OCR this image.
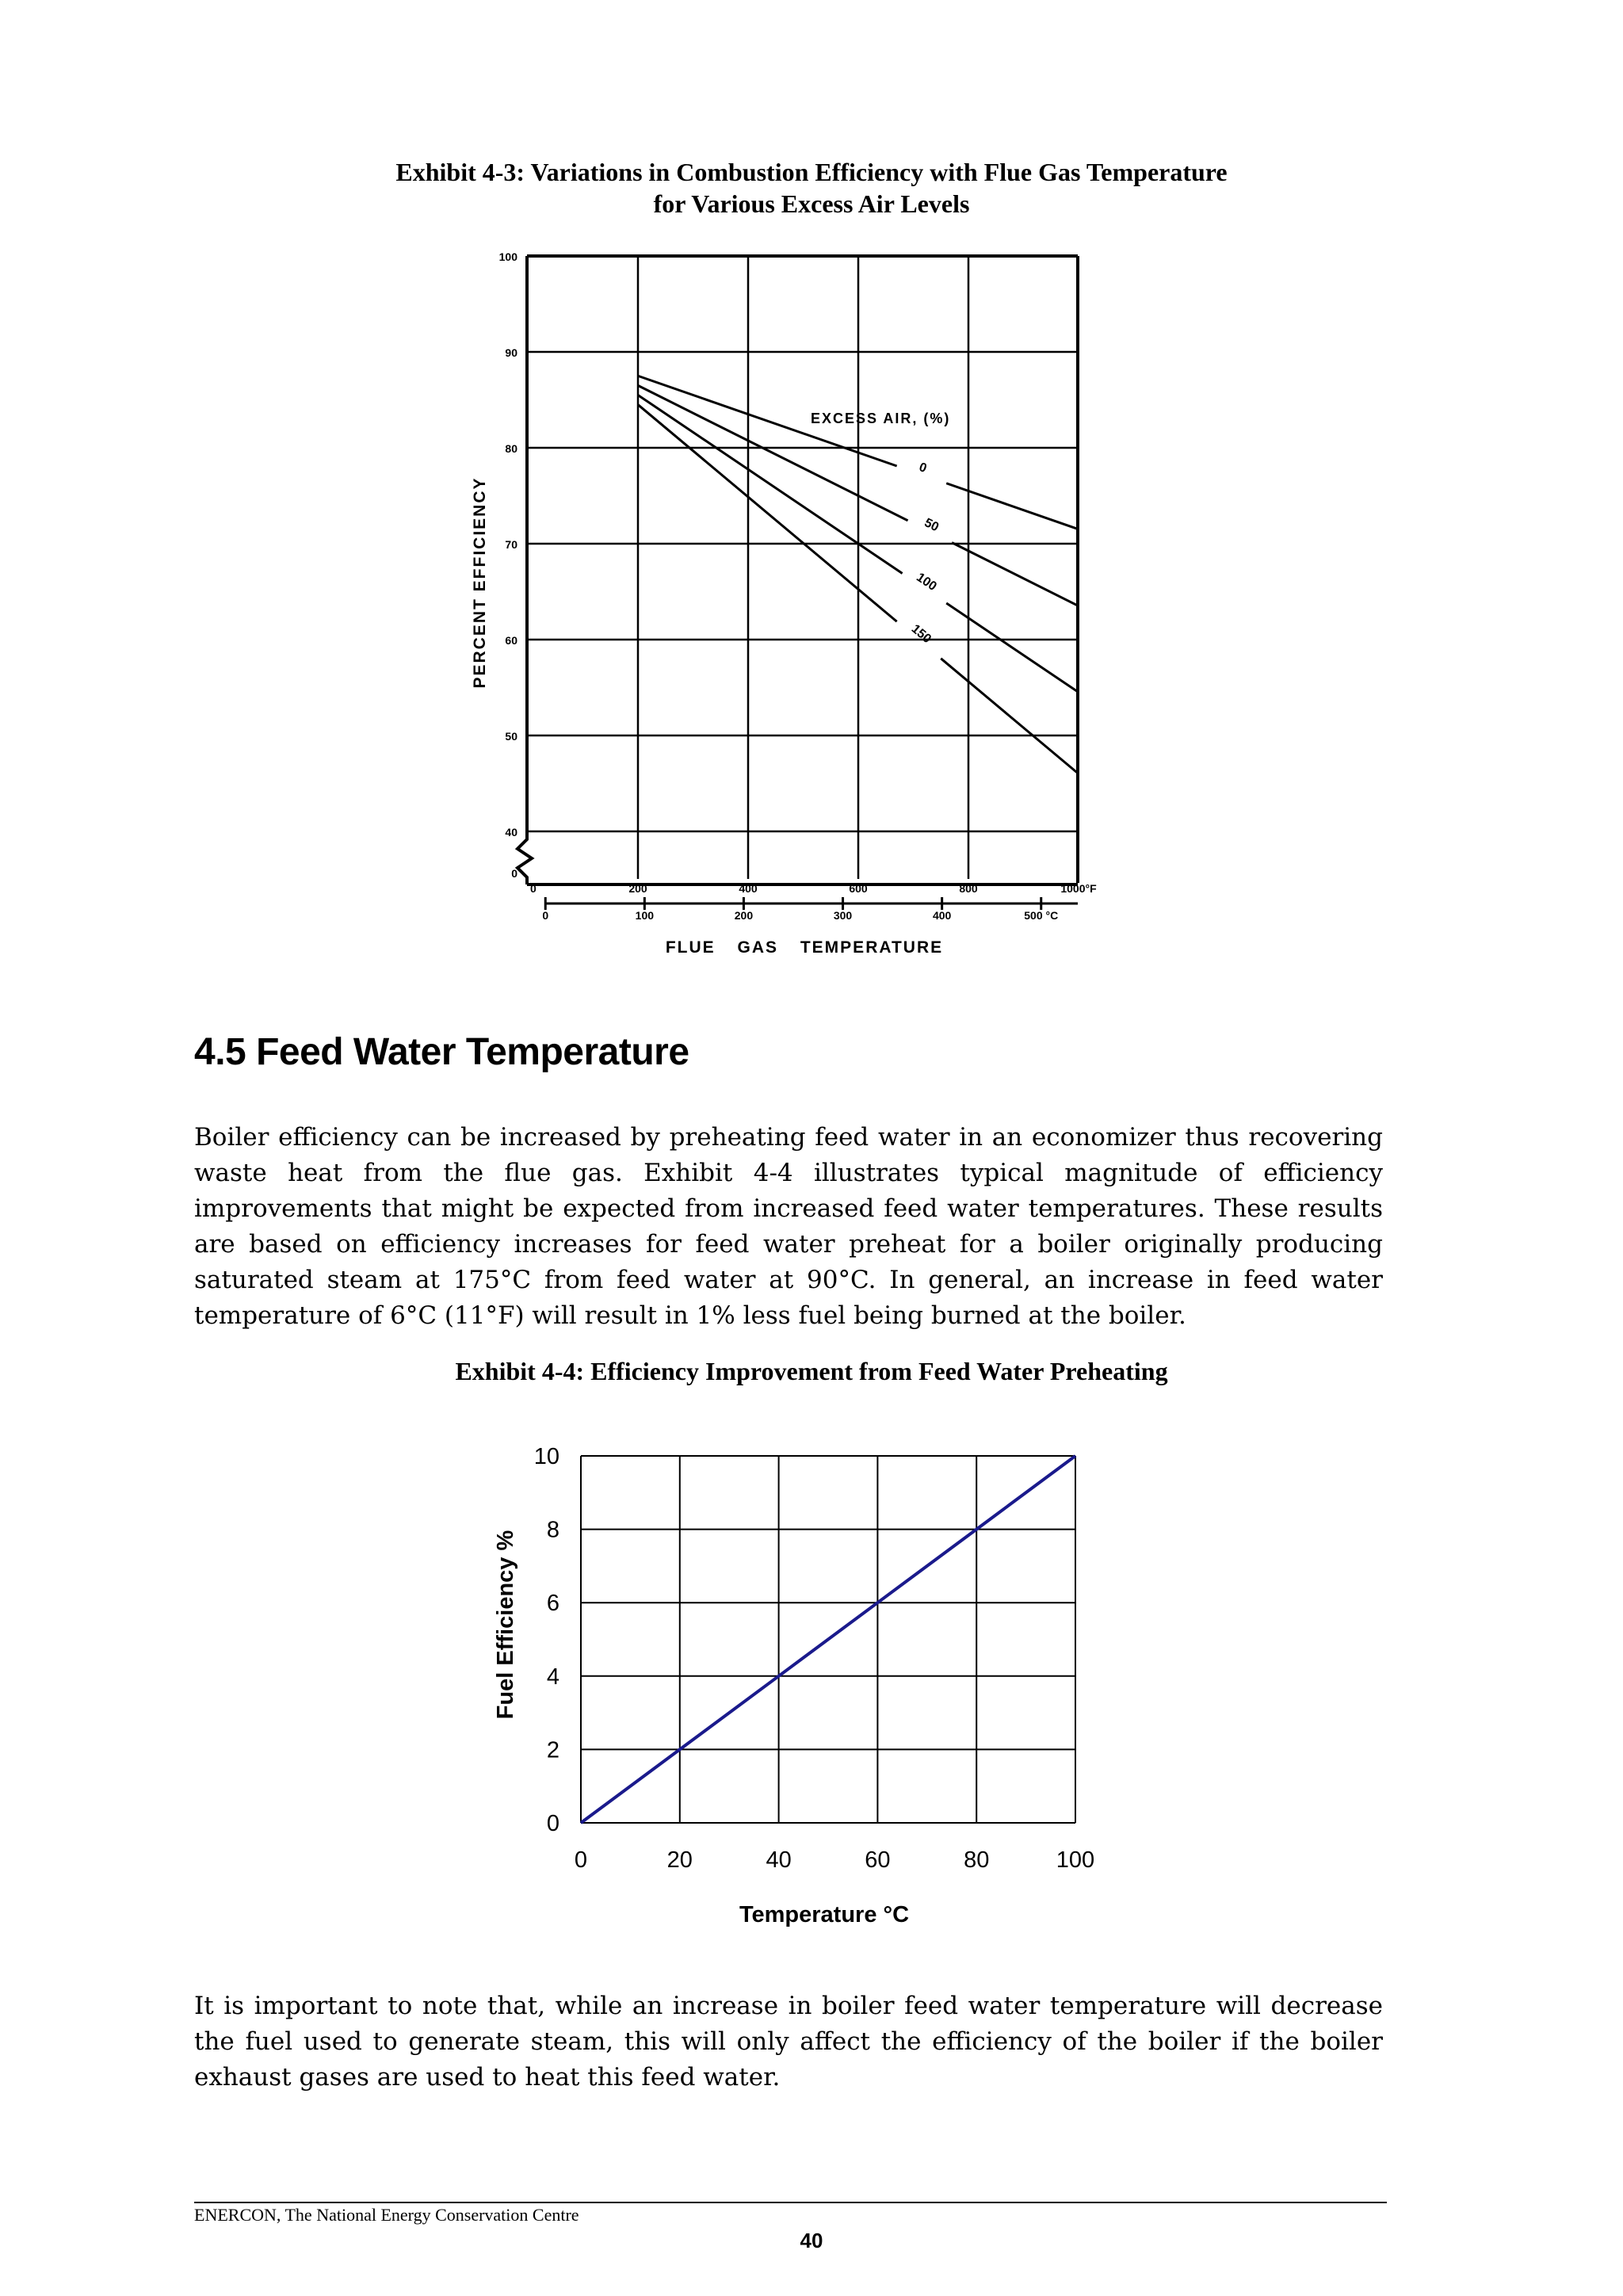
Exhibit 4-3: Variations in Combustion Efficiency with Flue Gas Temperature
for Various Excess Air Levels
100
90
80
70
60
50
40
0
0	200	400	600	800	1000°F
0	100	200	300	400	500 °C
0
50
100
150
EXCESS AIR, (%)
PERCENT EFFICIENCY
FLUE GAS TEMPERATURE
4.5 Feed Water Temperature

Boiler efficiency can be increased by preheating feed water in an economizer thus recovering waste heat from the flue gas. Exhibit 4-4 illustrates typical magnitude of efficiency improvements that might be expected from increased feed water temperatures. These results are based on efficiency increases for feed water preheat for a boiler originally producing saturated steam at 175°C from feed water at 90°C. In general, an increase in feed water temperature of 6°C (11°F) will result in 1% less fuel being burned at the boiler.

Exhibit 4-4: Efficiency Improvement from Feed Water Preheating
0
2
4
6
8
10
0	20	40	60	80	100
Fuel Efficiency %
Temperature °C

It is important to note that, while an increase in boiler feed water temperature will decrease the fuel used to generate steam, this will only affect the efficiency of the boiler if the boiler exhaust gases are used to heat this feed water.

ENERCON, The National Energy Conservation Centre
40
